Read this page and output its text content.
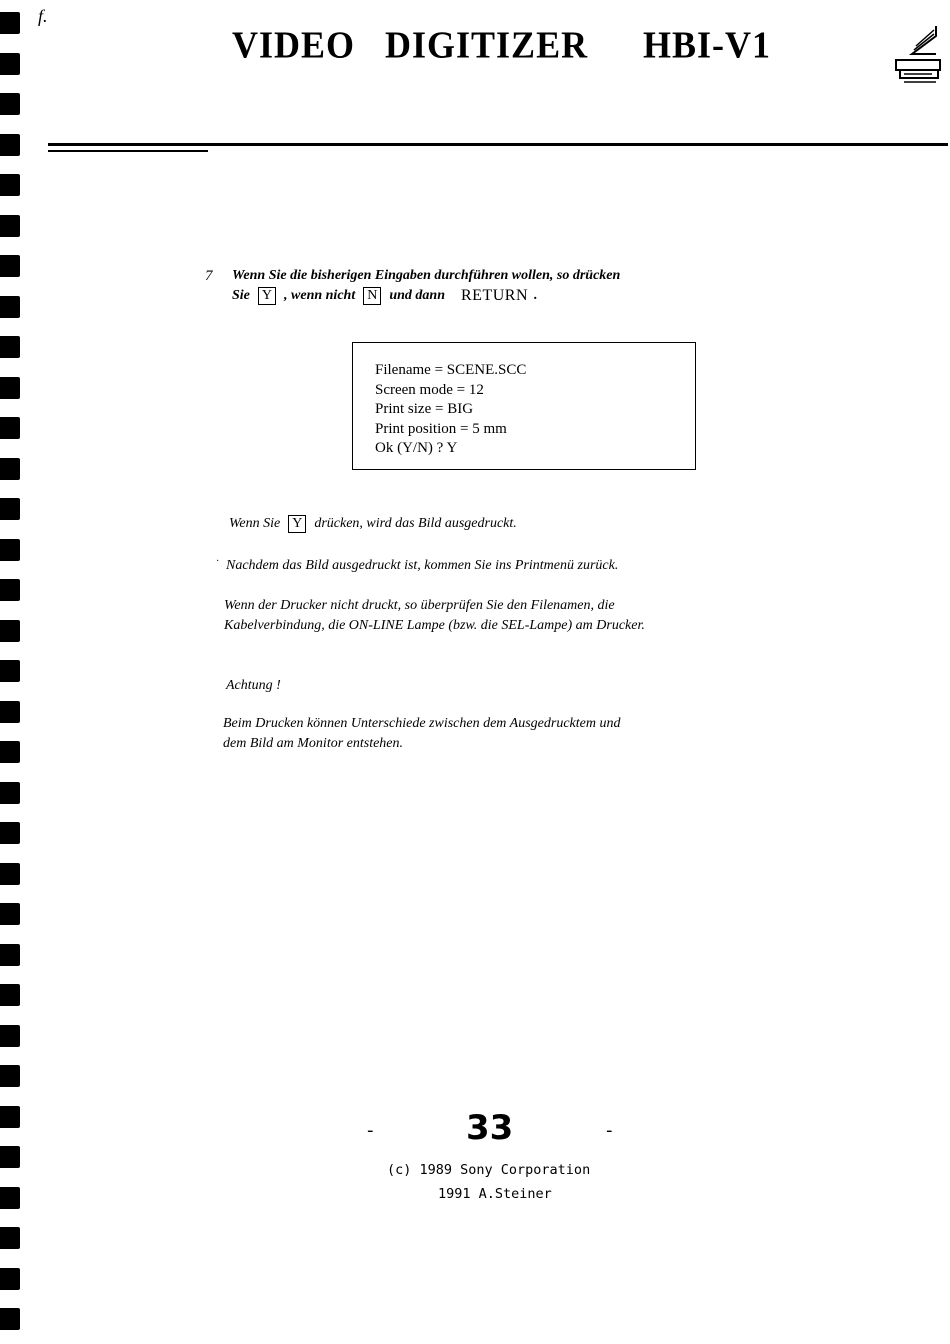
f.
VIDEO   DIGITIZER HBI-V1
7 Wenn Sie die bisherigen Eingaben durchführen wollen, so drücken
Sie Y , wenn nicht N und dann RETURN .
Filename = SCENE.SCC
Screen mode = 12
Print size = BIG
Print position = 5 mm
Ok (Y/N) ? Y
Wenn Sie Y drücken, wird das Bild ausgedruckt.
· Nachdem das Bild ausgedruckt ist, kommen Sie ins Printmenü zurück.
Wenn der Drucker nicht druckt, so überprüfen Sie den Filenamen, die
Kabelverbindung, die ON-LINE Lampe (bzw. die SEL-Lampe) am Drucker.
Achtung !
Beim Drucken können Unterschiede zwischen dem Ausgedrucktem und
dem Bild am Monitor entstehen.
-	33	-
(c) 1989 Sony Corporation
1991 A.Steiner
